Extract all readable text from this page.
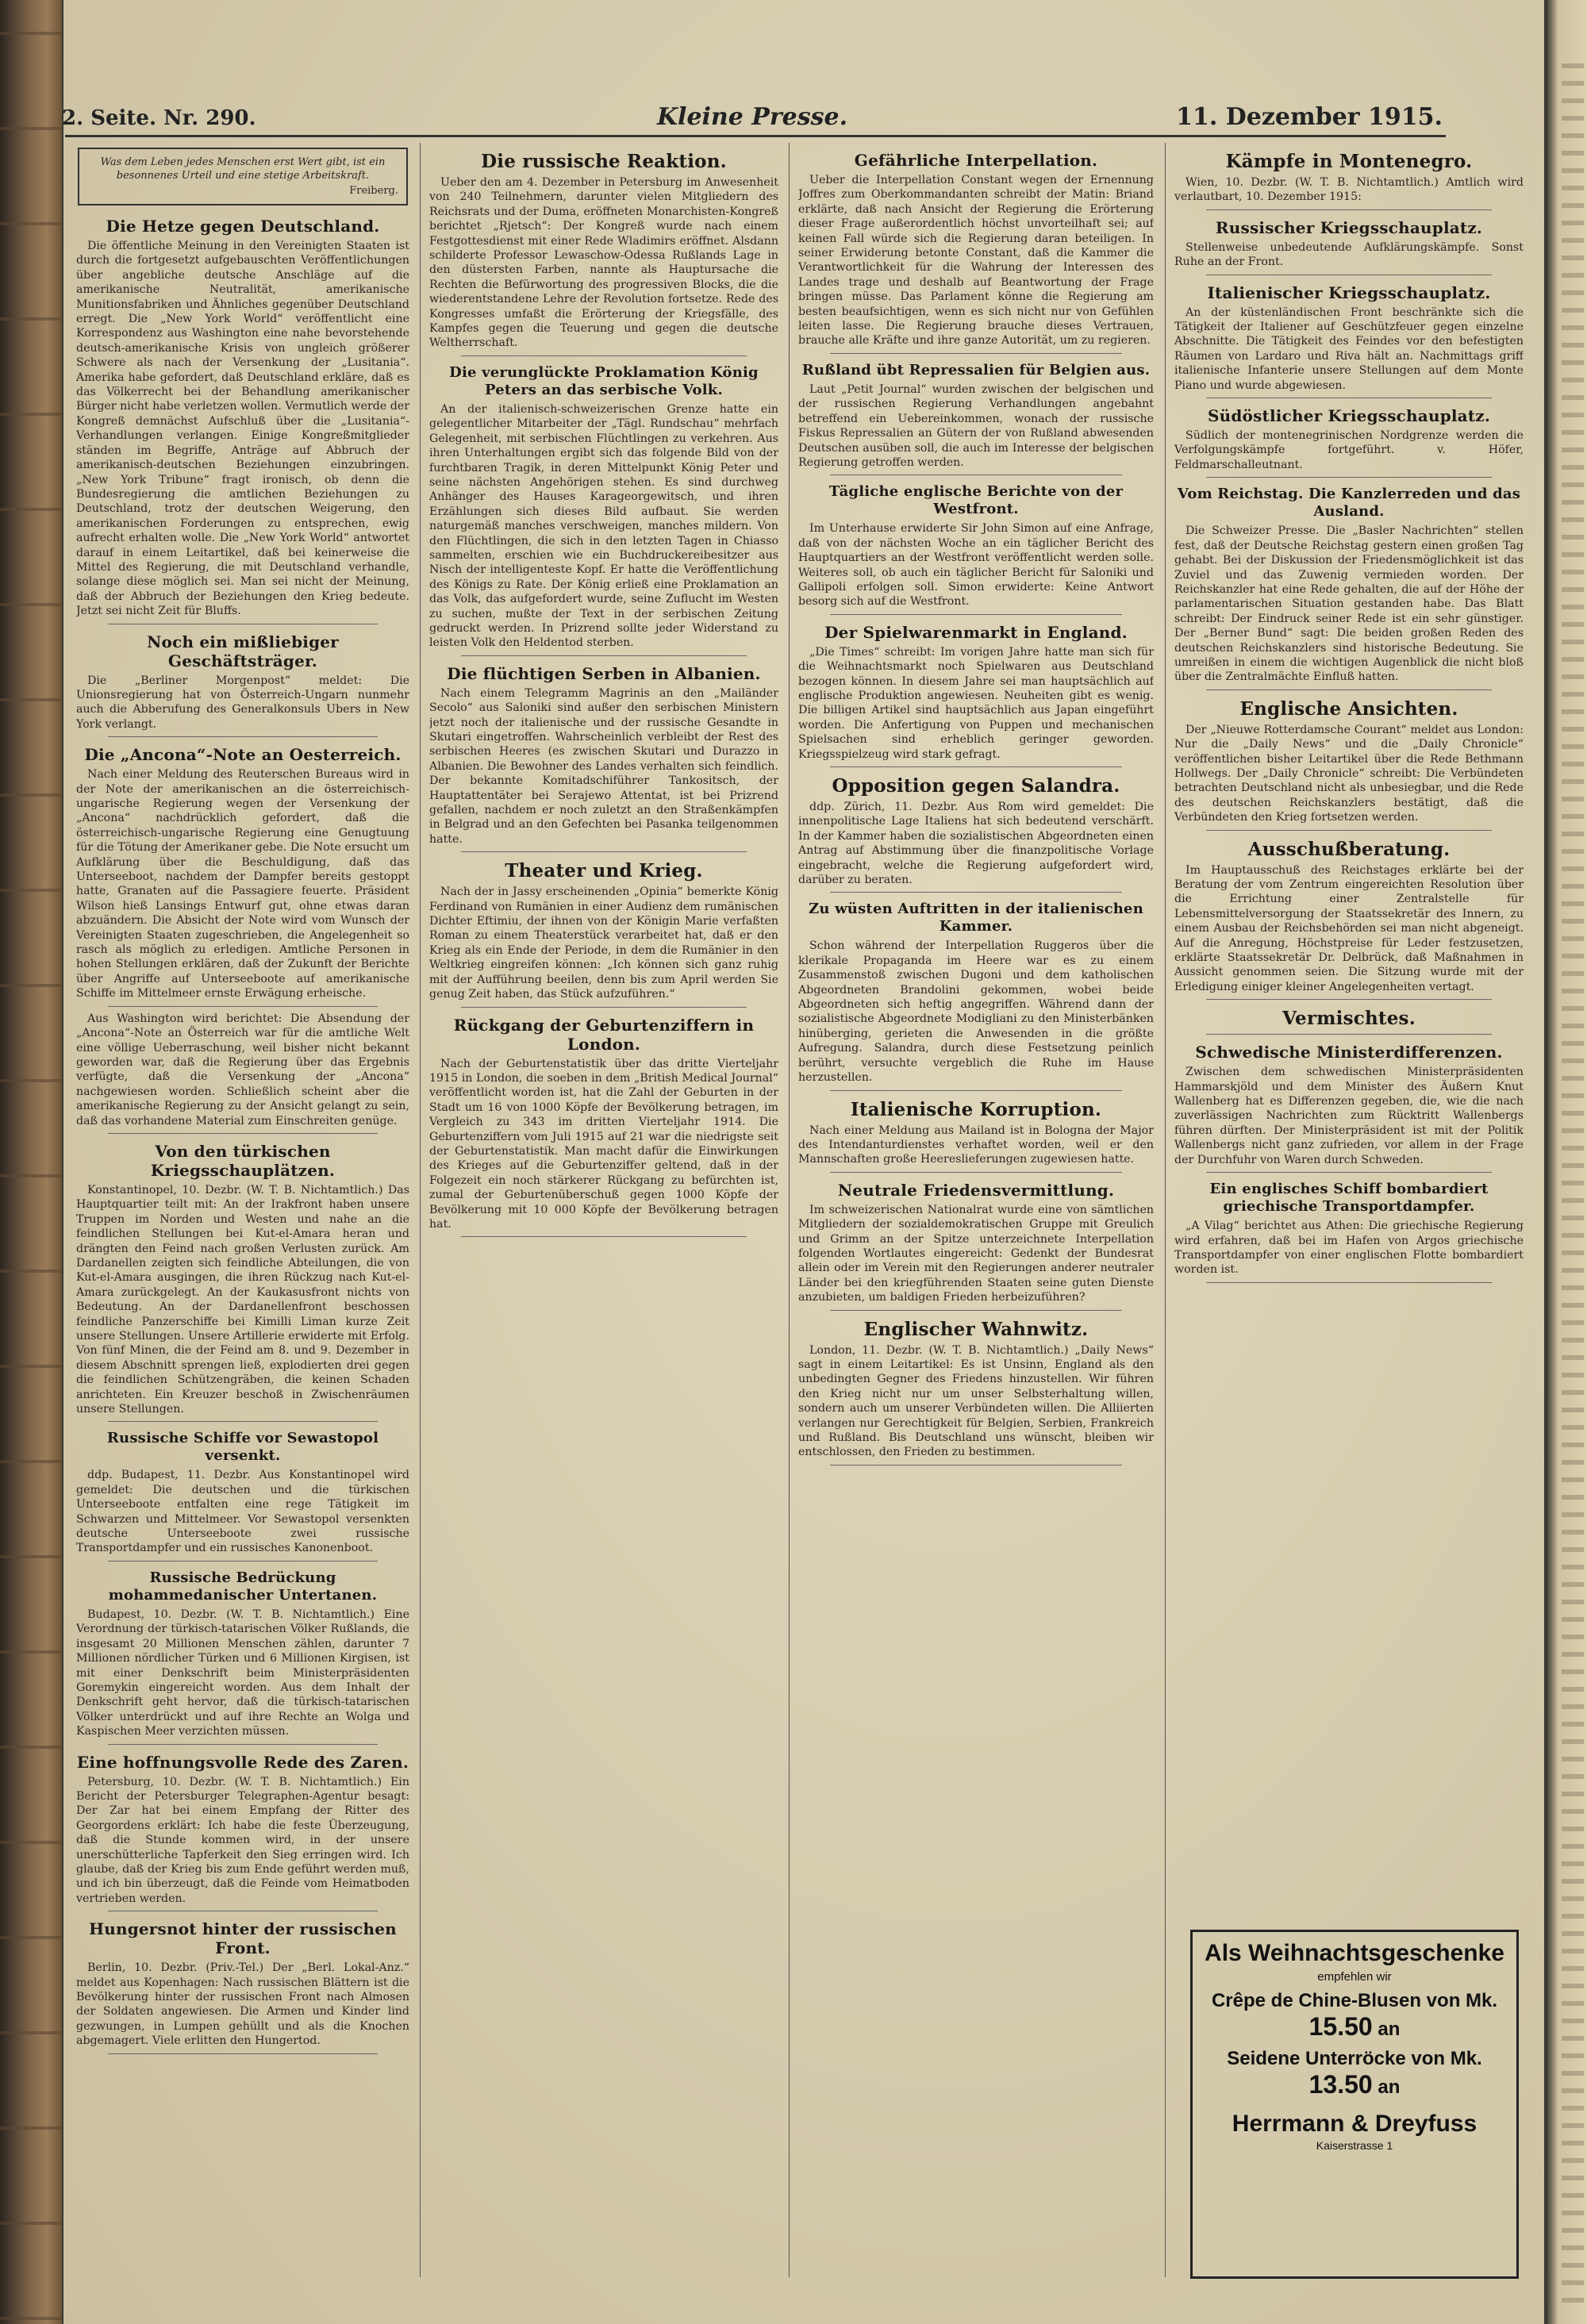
2. Seite. Nr. 290.	Kleine Presse.	11. Dezember 1915.
Was dem Leben jedes Menschen erst Wert gibt, ist ein besonnenes Urteil und eine stetige Arbeitskraft.
Freiberg.
Die Hetze gegen Deutschland.
Die öffentliche Meinung in den Vereinigten Staaten ist durch die fortgesetzt aufgebauschten Veröffentlichungen über angebliche deutsche Anschläge auf die amerikanische Neutralität, amerikanische Munitionsfabriken und Ähnliches gegenüber Deutschland erregt. Die „New York World“ veröffentlicht eine Korrespondenz aus Washington eine nahe bevorstehende deutsch-amerikanische Krisis von ungleich größerer Schwere als nach der Versenkung der „Lusitania“. Amerika habe gefordert, daß Deutschland erkläre, daß es das Völkerrecht bei der Behandlung amerikanischer Bürger nicht habe verletzen wollen. Vermutlich werde der Kongreß demnächst Aufschluß über die „Lusitania“-Verhandlungen verlangen. Einige Kongreßmitglieder ständen im Begriffe, Anträge auf Abbruch der amerikanisch-deutschen Beziehungen einzubringen. „New York Tribune“ fragt ironisch, ob denn die Bundesregierung die amtlichen Beziehungen zu Deutschland, trotz der deutschen Weigerung, den amerikanischen Forderungen zu entsprechen, ewig aufrecht erhalten wolle. Die „New York World“ antwortet darauf in einem Leitartikel, daß bei keinerweise die Mittel des Regierung, die mit Deutschland verhandle, solange diese möglich sei. Man sei nicht der Meinung, daß der Abbruch der Beziehungen den Krieg bedeute. Jetzt sei nicht Zeit für Bluffs.
Noch ein mißliebiger Geschäftsträger.
Die „Berliner Morgenpost“ meldet: Die Unionsregierung hat von Österreich-Ungarn nunmehr auch die Abberufung des Generalkonsuls Ubers in New York verlangt.
Die „Ancona“-Note an Oesterreich.
Nach einer Meldung des Reuterschen Bureaus wird in der Note der amerikanischen an die österreichisch-ungarische Regierung wegen der Versenkung der „Ancona“ nachdrücklich gefordert, daß die österreichisch-ungarische Regierung eine Genugtuung für die Tötung der Amerikaner gebe. Die Note ersucht um Aufklärung über die Beschuldigung, daß das Unterseeboot, nachdem der Dampfer bereits gestoppt hatte, Granaten auf die Passagiere feuerte. Präsident Wilson hieß Lansings Entwurf gut, ohne etwas daran abzuändern. Die Absicht der Note wird vom Wunsch der Vereinigten Staaten zugeschrieben, die Angelegenheit so rasch als möglich zu erledigen. Amtliche Personen in hohen Stellungen erklären, daß der Zukunft der Berichte über Angriffe auf Unterseeboote auf amerikanische Schiffe im Mittelmeer ernste Erwägung erheische.
Aus Washington wird berichtet: Die Absendung der „Ancona“-Note an Österreich war für die amtliche Welt eine völlige Ueberraschung, weil bisher nicht bekannt geworden war, daß die Regierung über das Ergebnis verfügte, daß die Versenkung der „Ancona“ nachgewiesen worden. Schließlich scheint aber die amerikanische Regierung zu der Ansicht gelangt zu sein, daß das vorhandene Material zum Einschreiten genüge.
Von den türkischen Kriegsschauplätzen.
Konstantinopel, 10. Dezbr. (W. T. B. Nichtamtlich.) Das Hauptquartier teilt mit: An der Irakfront haben unsere Truppen im Norden und Westen und nahe an die feindlichen Stellungen bei Kut-el-Amara heran und drängten den Feind nach großen Verlusten zurück. Am Dardanellen zeigten sich feindliche Abteilungen, die von Kut-el-Amara ausgingen, die ihren Rückzug nach Kut-el-Amara zurückgelegt. An der Kaukasusfront nichts von Bedeutung. An der Dardanellenfront beschossen feindliche Panzerschiffe bei Kimilli Liman kurze Zeit unsere Stellungen. Unsere Artillerie erwiderte mit Erfolg. Von fünf Minen, die der Feind am 8. und 9. Dezember in diesem Abschnitt sprengen ließ, explodierten drei gegen die feindlichen Schützengräben, die keinen Schaden anrichteten. Ein Kreuzer beschoß in Zwischenräumen unsere Stellungen.
Russische Schiffe vor Sewastopol versenkt.
ddp. Budapest, 11. Dezbr. Aus Konstantinopel wird gemeldet: Die deutschen und die türkischen Unterseeboote entfalten eine rege Tätigkeit im Schwarzen und Mittelmeer. Vor Sewastopol versenkten deutsche Unterseeboote zwei russische Transportdampfer und ein russisches Kanonenboot.
Russische Bedrückung mohammedanischer Untertanen.
Budapest, 10. Dezbr. (W. T. B. Nichtamtlich.) Eine Verordnung der türkisch-tatarischen Völker Rußlands, die insgesamt 20 Millionen Menschen zählen, darunter 7 Millionen nördlicher Türken und 6 Millionen Kirgisen, ist mit einer Denkschrift beim Ministerpräsidenten Goremykin eingereicht worden. Aus dem Inhalt der Denkschrift geht hervor, daß die türkisch-tatarischen Völker unterdrückt und auf ihre Rechte an Wolga und Kaspischen Meer verzichten müssen.
Eine hoffnungsvolle Rede des Zaren.
Petersburg, 10. Dezbr. (W. T. B. Nichtamtlich.) Ein Bericht der Petersburger Telegraphen-Agentur besagt: Der Zar hat bei einem Empfang der Ritter des Georgordens erklärt: Ich habe die feste Überzeugung, daß die Stunde kommen wird, in der unsere unerschütterliche Tapferkeit den Sieg erringen wird. Ich glaube, daß der Krieg bis zum Ende geführt werden muß, und ich bin überzeugt, daß die Feinde vom Heimatboden vertrieben werden.
Hungersnot hinter der russischen Front.
Berlin, 10. Dezbr. (Priv.-Tel.) Der „Berl. Lokal-Anz.“ meldet aus Kopenhagen: Nach russischen Blättern ist die Bevölkerung hinter der russischen Front nach Almosen der Soldaten angewiesen. Die Armen und Kinder lind gezwungen, in Lumpen gehüllt und als die Knochen abgemagert. Viele erlitten den Hungertod.
Die russische Reaktion.
Ueber den am 4. Dezember in Petersburg im Anwesenheit von 240 Teilnehmern, darunter vielen Mitgliedern des Reichsrats und der Duma, eröffneten Monarchisten-Kongreß berichtet „Rjetsch“: Der Kongreß wurde nach einem Festgottesdienst mit einer Rede Wladimirs eröffnet. Alsdann schilderte Professor Lewaschow-Odessa Rußlands Lage in den düstersten Farben, nannte als Hauptursache die Rechten die Befürwortung des progressiven Blocks, die die wiederentstandene Lehre der Revolution fortsetze. Rede des Kongresses umfaßt die Erörterung der Kriegsfälle, des Kampfes gegen die Teuerung und gegen die deutsche Weltherrschaft.
Die verunglückte Proklamation König Peters an das serbische Volk.
An der italienisch-schweizerischen Grenze hatte ein gelegentlicher Mitarbeiter der „Tägl. Rundschau“ mehrfach Gelegenheit, mit serbischen Flüchtlingen zu verkehren. Aus ihren Unterhaltungen ergibt sich das folgende Bild von der furchtbaren Tragik, in deren Mittelpunkt König Peter und seine nächsten Angehörigen stehen. Es sind durchweg Anhänger des Hauses Karageorgewitsch, und ihren Erzählungen sich dieses Bild aufbaut. Sie werden naturgemäß manches verschweigen, manches mildern. Von den Flüchtlingen, die sich in den letzten Tagen in Chiasso sammelten, erschien wie ein Buchdruckereibesitzer aus Nisch der intelligenteste Kopf. Er hatte die Veröffentlichung des Königs zu Rate. Der König erließ eine Proklamation an das Volk, das aufgefordert wurde, seine Zuflucht im Westen zu suchen, mußte der Text in der serbischen Zeitung gedruckt werden. In Prizrend sollte jeder Widerstand zu leisten Volk den Heldentod sterben.
Die flüchtigen Serben in Albanien.
Nach einem Telegramm Magrinis an den „Mailänder Secolo“ aus Saloniki sind außer den serbischen Ministern jetzt noch der italienische und der russische Gesandte in Skutari eingetroffen. Wahrscheinlich verbleibt der Rest des serbischen Heeres (es zwischen Skutari und Durazzo in Albanien. Die Bewohner des Landes verhalten sich feindlich. Der bekannte Komitadschiführer Tankositsch, der Hauptattentäter bei Serajewo Attentat, ist bei Prizrend gefallen, nachdem er noch zuletzt an den Straßenkämpfen in Belgrad und an den Gefechten bei Pasanka teilgenommen hatte.
Theater und Krieg.
Nach der in Jassy erscheinenden „Opinia“ bemerkte König Ferdinand von Rumänien in einer Audienz dem rumänischen Dichter Eftimiu, der ihnen von der Königin Marie verfaßten Roman zu einem Theaterstück verarbeitet hat, daß er den Krieg als ein Ende der Periode, in dem die Rumänier in den Weltkrieg eingreifen können: „Ich können sich ganz ruhig mit der Aufführung beeilen, denn bis zum April werden Sie genug Zeit haben, das Stück aufzuführen.“
Rückgang der Geburtenziffern in London.
Nach der Geburtenstatistik über das dritte Vierteljahr 1915 in London, die soeben in dem „British Medical Journal“ veröffentlicht worden ist, hat die Zahl der Geburten in der Stadt um 16 von 1000 Köpfe der Bevölkerung betragen, im Vergleich zu 343 im dritten Vierteljahr 1914. Die Geburtenziffern vom Juli 1915 auf 21 war die niedrigste seit der Geburtenstatistik. Man macht dafür die Einwirkungen des Krieges auf die Geburtenziffer geltend, daß in der Folgezeit ein noch stärkerer Rückgang zu befürchten ist, zumal der Geburtenüberschuß gegen 1000 Köpfe der Bevölkerung mit 10 000 Köpfe der Bevölkerung betragen hat.
Gefährliche Interpellation.
Ueber die Interpellation Constant wegen der Ernennung Joffres zum Oberkommandanten schreibt der Matin: Briand erklärte, daß nach Ansicht der Regierung die Erörterung dieser Frage außerordentlich höchst unvorteilhaft sei; auf keinen Fall würde sich die Regierung daran beteiligen. In seiner Erwiderung betonte Constant, daß die Kammer die Verantwortlichkeit für die Wahrung der Interessen des Landes trage und deshalb auf Beantwortung der Frage bringen müsse. Das Parlament könne die Regierung am besten beaufsichtigen, wenn es sich nicht nur von Gefühlen leiten lasse. Die Regierung brauche dieses Vertrauen, brauche alle Kräfte und ihre ganze Autorität, um zu regieren.
Rußland übt Repressalien für Belgien aus.
Laut „Petit Journal“ wurden zwischen der belgischen und der russischen Regierung Verhandlungen angebahnt betreffend ein Uebereinkommen, wonach der russische Fiskus Repressalien an Gütern der von Rußland abwesenden Deutschen ausüben soll, die auch im Interesse der belgischen Regierung getroffen werden.
Tägliche englische Berichte von der Westfront.
Im Unterhause erwiderte Sir John Simon auf eine Anfrage, daß von der nächsten Woche an ein täglicher Bericht des Hauptquartiers an der Westfront veröffentlicht werden solle. Weiteres soll, ob auch ein täglicher Bericht für Saloniki und Gallipoli erfolgen soll. Simon erwiderte: Keine Antwort besorg sich auf die Westfront.
Der Spielwarenmarkt in England.
„Die Times“ schreibt: Im vorigen Jahre hatte man sich für die Weihnachtsmarkt noch Spielwaren aus Deutschland bezogen können. In diesem Jahre sei man hauptsächlich auf englische Produktion angewiesen. Neuheiten gibt es wenig. Die billigen Artikel sind hauptsächlich aus Japan eingeführt worden. Die Anfertigung von Puppen und mechanischen Spielsachen sind erheblich geringer geworden. Kriegsspielzeug wird stark gefragt.
Opposition gegen Salandra.
ddp. Zürich, 11. Dezbr. Aus Rom wird gemeldet: Die innenpolitische Lage Italiens hat sich bedeutend verschärft. In der Kammer haben die sozialistischen Abgeordneten einen Antrag auf Abstimmung über die finanzpolitische Vorlage eingebracht, welche die Regierung aufgefordert wird, darüber zu beraten.
Zu wüsten Auftritten in der italienischen Kammer.
Schon während der Interpellation Ruggeros über die klerikale Propaganda im Heere war es zu einem Zusammenstoß zwischen Dugoni und dem katholischen Abgeordneten Brandolini gekommen, wobei beide Abgeordneten sich heftig angegriffen. Während dann der sozialistische Abgeordnete Modigliani zu den Ministerbänken hinüberging, gerieten die Anwesenden in die größte Aufregung. Salandra, durch diese Festsetzung peinlich berührt, versuchte vergeblich die Ruhe im Hause herzustellen.
Italienische Korruption.
Nach einer Meldung aus Mailand ist in Bologna der Major des Intendanturdienstes verhaftet worden, weil er den Mannschaften große Heereslieferungen zugewiesen hatte.
Neutrale Friedensvermittlung.
Im schweizerischen Nationalrat wurde eine von sämtlichen Mitgliedern der sozialdemokratischen Gruppe mit Greulich und Grimm an der Spitze unterzeichnete Interpellation folgenden Wortlautes eingereicht: Gedenkt der Bundesrat allein oder im Verein mit den Regierungen anderer neutraler Länder bei den kriegführenden Staaten seine guten Dienste anzubieten, um baldigen Frieden herbeizuführen?
Englischer Wahnwitz.
London, 11. Dezbr. (W. T. B. Nichtamtlich.) „Daily News“ sagt in einem Leitartikel: Es ist Unsinn, England als den unbedingten Gegner des Friedens hinzustellen. Wir führen den Krieg nicht nur um unser Selbsterhaltung willen, sondern auch um unserer Verbündeten willen. Die Alliierten verlangen nur Gerechtigkeit für Belgien, Serbien, Frankreich und Rußland. Bis Deutschland uns wünscht, bleiben wir entschlossen, den Frieden zu bestimmen.
Kämpfe in Montenegro.
Wien, 10. Dezbr. (W. T. B. Nichtamtlich.) Amtlich wird verlautbart, 10. Dezember 1915:
Russischer Kriegsschauplatz.
Stellenweise unbedeutende Aufklärungskämpfe. Sonst Ruhe an der Front.
Italienischer Kriegsschauplatz.
An der küstenländischen Front beschränkte sich die Tätigkeit der Italiener auf Geschützfeuer gegen einzelne Abschnitte. Die Tätigkeit des Feindes vor den befestigten Räumen von Lardaro und Riva hält an. Nachmittags griff italienische Infanterie unsere Stellungen auf dem Monte Piano und wurde abgewiesen.
Südöstlicher Kriegsschauplatz.
Südlich der montenegrinischen Nordgrenze werden die Verfolgungskämpfe fortgeführt. v. Höfer, Feldmarschalleutnant.
Vom Reichstag. Die Kanzlerreden und das Ausland.
Die Schweizer Presse. Die „Basler Nachrichten“ stellen fest, daß der Deutsche Reichstag gestern einen großen Tag gehabt. Bei der Diskussion der Friedensmöglichkeit ist das Zuviel und das Zuwenig vermieden worden. Der Reichskanzler hat eine Rede gehalten, die auf der Höhe der parlamentarischen Situation gestanden habe. Das Blatt schreibt: Der Eindruck seiner Rede ist ein sehr günstiger. Der „Berner Bund“ sagt: Die beiden großen Reden des deutschen Reichskanzlers sind historische Bedeutung. Sie umreißen in einem die wichtigen Augenblick die nicht bloß über die Zentralmächte Einfluß hatten.
Englische Ansichten.
Der „Nieuwe Rotterdamsche Courant“ meldet aus London: Nur die „Daily News“ und die „Daily Chronicle“ veröffentlichen bisher Leitartikel über die Rede Bethmann Hollwegs. Der „Daily Chronicle“ schreibt: Die Verbündeten betrachten Deutschland nicht als unbesiegbar, und die Rede des deutschen Reichskanzlers bestätigt, daß die Verbündeten den Krieg fortsetzen werden.
Ausschußberatung.
Im Hauptausschuß des Reichstages erklärte bei der Beratung der vom Zentrum eingereichten Resolution über die Errichtung einer Zentralstelle für Lebensmittelversorgung der Staatssekretär des Innern, zu einem Ausbau der Reichsbehörden sei man nicht abgeneigt. Auf die Anregung, Höchstpreise für Leder festzusetzen, erklärte Staatssekretär Dr. Delbrück, daß Maßnahmen in Aussicht genommen seien. Die Sitzung wurde mit der Erledigung einiger kleiner Angelegenheiten vertagt.
Vermischtes.
Schwedische Ministerdifferenzen.
Zwischen dem schwedischen Ministerpräsidenten Hammarskjöld und dem Minister des Äußern Knut Wallenberg hat es Differenzen gegeben, die, wie die nach zuverlässigen Nachrichten zum Rücktritt Wallenbergs führen dürften. Der Ministerpräsident ist mit der Politik Wallenbergs nicht ganz zufrieden, vor allem in der Frage der Durchfuhr von Waren durch Schweden.
Ein englisches Schiff bombardiert griechische Transportdampfer.
„A Vilag“ berichtet aus Athen: Die griechische Regierung wird erfahren, daß bei im Hafen von Argos griechische Transportdampfer von einer englischen Flotte bombardiert worden ist.
Als Weihnachtsgeschenke
empfehlen wir
Crêpe de Chine-Blusen von Mk. 15.50 an
Seidene Unterröcke von Mk. 13.50 an
Herrmann & Dreyfuss
Kaiserstrasse 1
